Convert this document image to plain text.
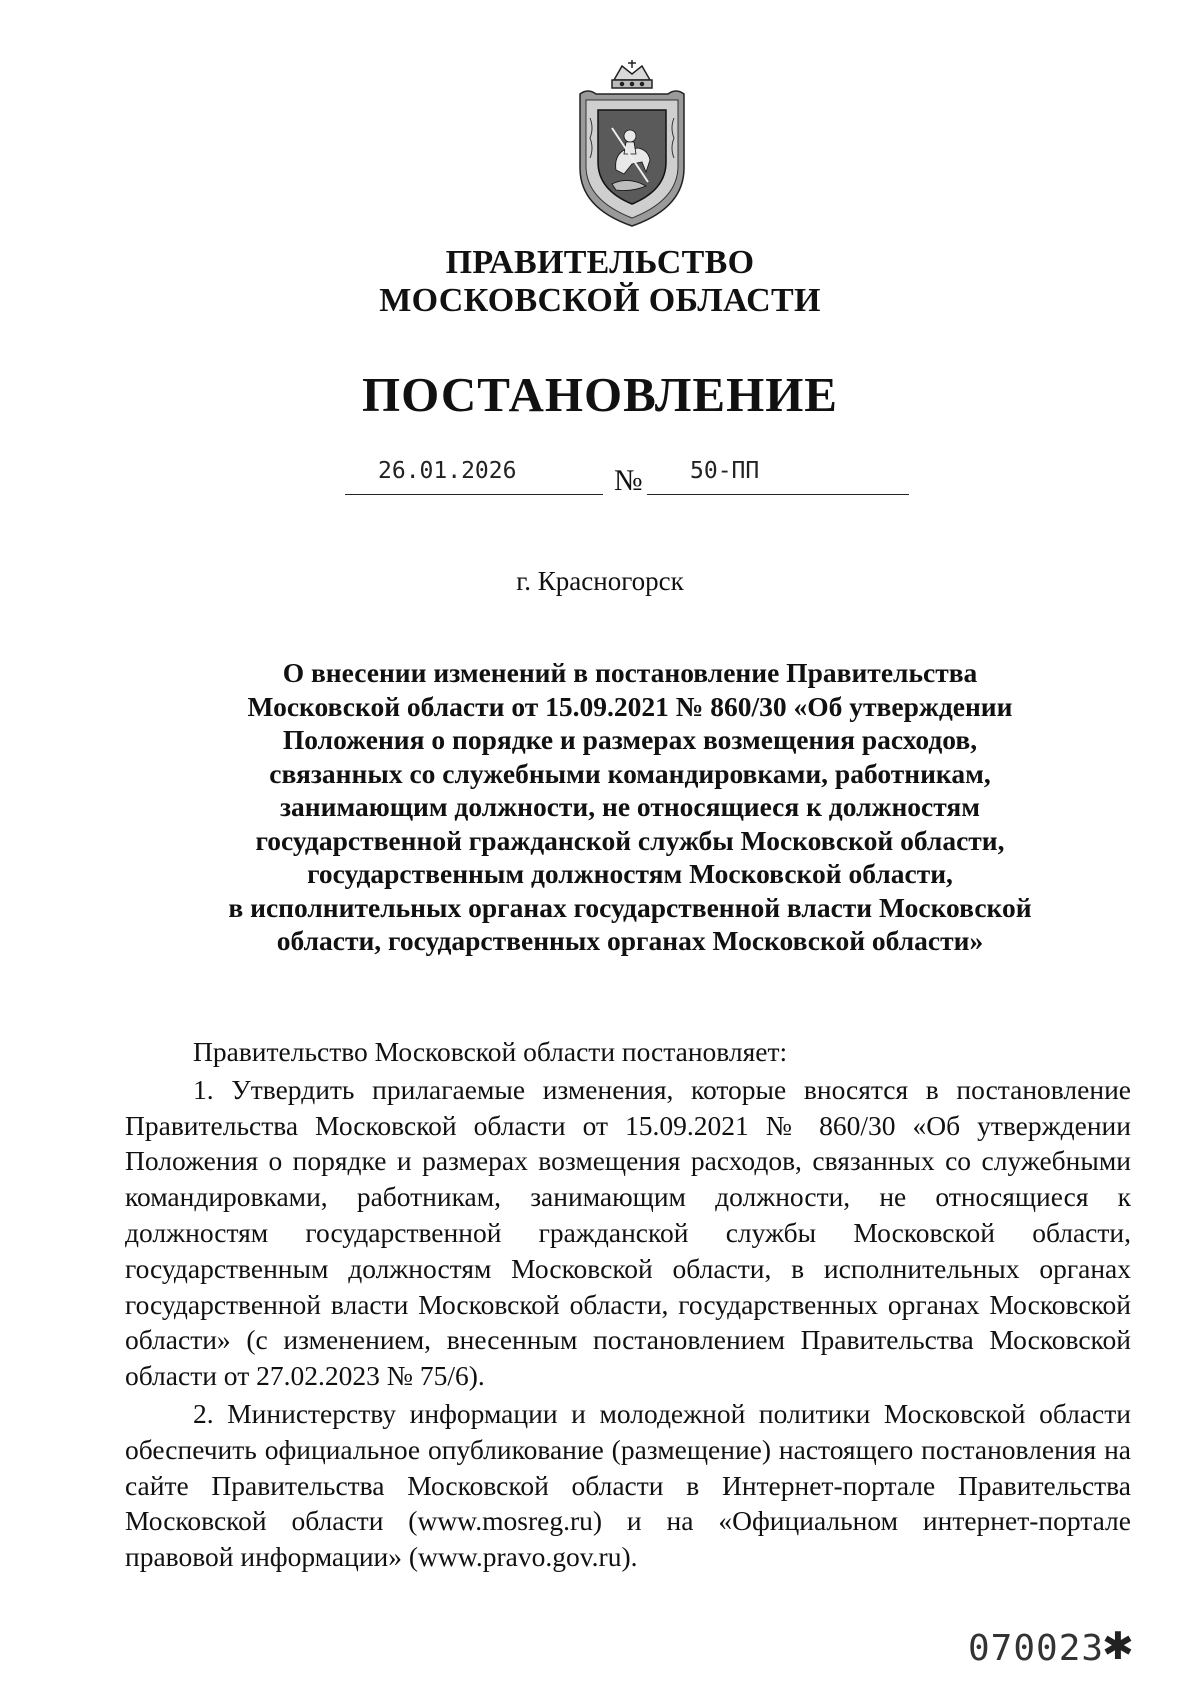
ПРАВИТЕЛЬСТВО
МОСКОВСКОЙ ОБЛАСТИ
ПОСТАНОВЛЕНИЕ
26.01.2026	№ 50-ПП
г. Красногорск
О внесении изменений в постановление Правительства
Московской области от 15.09.2021 № 860/30 «Об утверждении
Положения о порядке и размерах возмещения расходов,
связанных со служебными командировками, работникам,
занимающим должности, не относящиеся к должностям
государственной гражданской службы Московской области,
государственным должностям Московской области,
в исполнительных органах государственной власти Московской
области, государственных органах Московской области»

Правительство Московской области постановляет:

1. Утвердить прилагаемые изменения, которые вносятся в постановление Правительства Московской области от 15.09.2021 № 860/30 «Об утверждении Положения о порядке и размерах возмещения расходов, связанных со служебными командировками, работникам, занимающим должности, не относящиеся к должностям государственной гражданской службы Московской области, государственным должностям Московской области, в исполнительных органах государственной власти Московской области, государственных органах Московской области» (с изменением, внесенным постановлением Правительства Московской области от 27.02.2023 № 75/6).

2. Министерству информации и молодежной политики Московской области обеспечить официальное опубликование (размещение) настоящего постановления на сайте Правительства Московской области в Интернет-портале Правительства Московской области (www.mosreg.ru) и на «Официальном интернет-портале правовой информации» (www.pravo.gov.ru).

070023
✱
